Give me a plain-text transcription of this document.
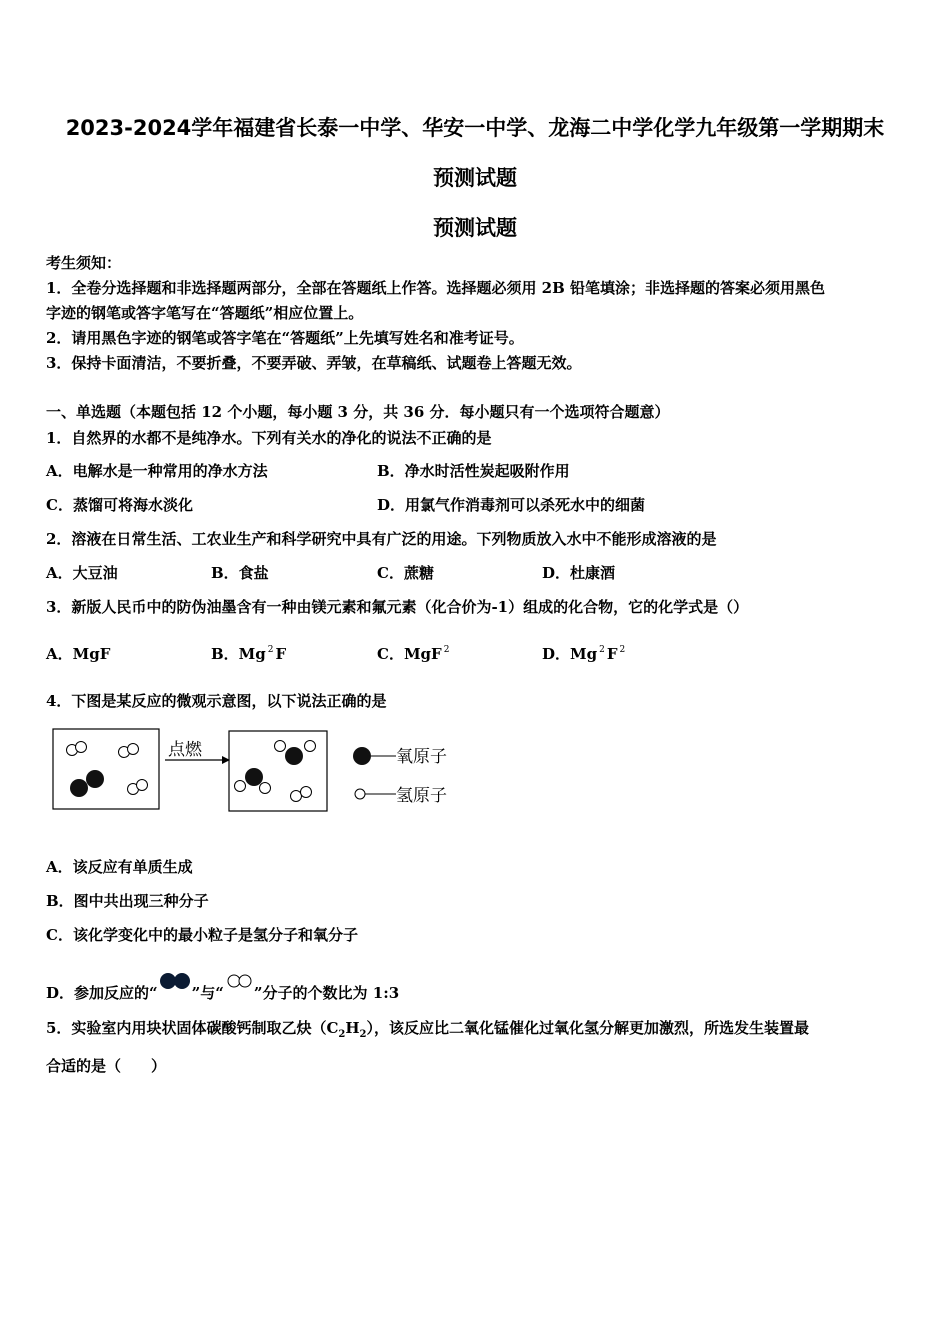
2023-2024学年福建省长泰一中学、华安一中学、龙海二中学化学九年级第一学期期末
预测试题
预测试题
考生须知：
1．全卷分选择题和非选择题两部分，全部在答题纸上作答。选择题必须用 2B 铅笔填涂；非选择题的答案必须用黑色
字迹的钢笔或答字笔写在“答题纸”相应位置上。
2．请用黑色字迹的钢笔或答字笔在“答题纸”上先填写姓名和准考证号。
3．保持卡面清洁，不要折叠，不要弄破、弄皱，在草稿纸、试题卷上答题无效。
一、单选题（本题包括 12 个小题，每小题 3 分，共 36 分．每小题只有一个选项符合题意）
1．自然界的水都不是纯净水。下列有关水的净化的说法不正确的是
A．电解水是一种常用的净水方法	B．净水时活性炭起吸附作用
C．蒸馏可将海水淡化	D．用氯气作消毒剂可以杀死水中的细菌
2．溶液在日常生活、工农业生产和科学研究中具有广泛的用途。下列物质放入水中不能形成溶液的是
A．大豆油	B．食盐	C．蔗糖	D．杜康酒
3．新版人民币中的防伪油墨含有一种由镁元素和氟元素（化合价为-1）组成的化合物，它的化学式是（）
A．MgF	B．Mg $^2$ F	C．MgF $^2$	D．Mg $^2$ F $^2$
4．下图是某反应的微观示意图，以下说法正确的是
点燃	氧原子
氢原子
A．该反应有单质生成
B．图中共出现三种分子
C．该化学变化中的最小粒子是氢分子和氧分子
D．参加反应的“ ”与“ ”分子的个数比为 1:3
5．实验室内用块状固体碳酸钙制取乙炔$(C_2H_2)$，该反应比二氧化锰催化过氧化氢分解更加激烈，所选发生装置最
合适的是（　　）
